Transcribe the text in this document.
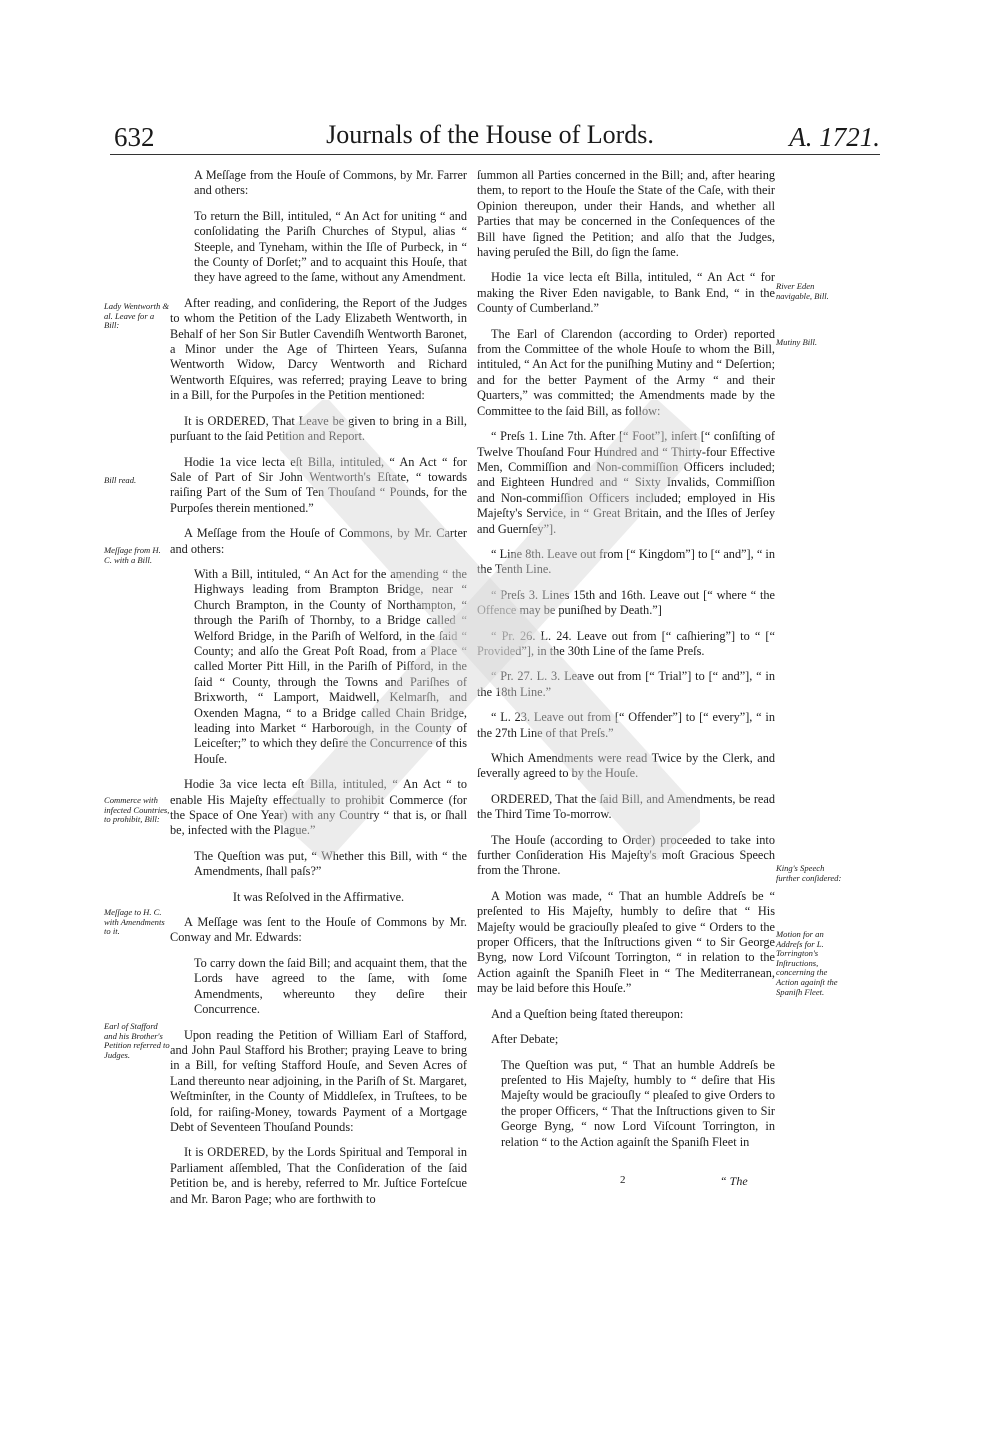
632	Journals of the House of Lords.	A. 1721.
Lady Wentworth & al. Leave for a Bill:
Bill read.
Meſſage from H. C. with a Bill.
Commerce with infected Countries, to prohibit, Bill:
Meſſage to H. C. with Amendments to it.
Earl of Stafford and his Brother's Petition referred to Judges.

A Meſſage from the Houſe of Commons, by Mr. Farrer and others:

To return the Bill, intituled, “ An Act for uniting “ and conſolidating the Pariſh Churches of Stypul, alias “ Steeple, and Tyneham, within the Iſle of Purbeck, in “ the County of Dorſet;” and to acquaint this Houſe, that they have agreed to the ſame, without any Amendment.

After reading, and conſidering, the Report of the Judges to whom the Petition of the Lady Elizabeth Wentworth, in Behalf of her Son Sir Butler Cavendiſh Wentworth Baronet, a Minor under the Age of Thirteen Years, Suſanna Wentworth Widow, Darcy Wentworth and Richard Wentworth Eſquires, was referred; praying Leave to bring in a Bill, for the Purpoſes in the Petition mentioned:

It is ORDERED, That Leave be given to bring in a Bill, purſuant to the ſaid Petition and Report.

Hodie 1a vice lecta eſt Billa, intituled, “ An Act “ for Sale of Part of Sir John Wentworth's Eſtate, “ towards raiſing Part of the Sum of Ten Thouſand “ Pounds, for the Purpoſes therein mentioned.”

A Meſſage from the Houſe of Commons, by Mr. Carter and others:

With a Bill, intituled, “ An Act for the amending “ the Highways leading from Brampton Bridge, near “ Church Brampton, in the County of Northampton, “ through the Pariſh of Thornby, to a Bridge called “ Welford Bridge, in the Pariſh of Welford, in the ſaid “ County; and alſo the Great Poſt Road, from a Place “ called Morter Pitt Hill, in the Pariſh of Piſford, in the ſaid “ County, through the Towns and Pariſhes of Brixworth, “ Lamport, Maidwell, Kelmarſh, and Oxenden Magna, “ to a Bridge called Chain Bridge, leading into Market “ Harborough, in the County of Leiceſter;” to which they deſire the Concurrence of this Houſe.

Hodie 3a vice lecta eſt Billa, intituled, “ An Act “ to enable His Majeſty effectually to prohibit Commerce (for the Space of One Year) with any Country “ that is, or ſhall be, infected with the Plague.”

The Queſtion was put, “ Whether this Bill, with “ the Amendments, ſhall paſs?”

It was Reſolved in the Affirmative.

A Meſſage was ſent to the Houſe of Commons by Mr. Conway and Mr. Edwards:

To carry down the ſaid Bill; and acquaint them, that the Lords have agreed to the ſame, with ſome Amendments, whereunto they deſire their Concurrence.

Upon reading the Petition of William Earl of Stafford, and John Paul Stafford his Brother; praying Leave to bring in a Bill, for veſting Stafford Houſe, and Seven Acres of Land thereunto near adjoining, in the Pariſh of St. Margaret, Weſtminſter, in the County of Middleſex, in Truſtees, to be ſold, for raiſing-Money, towards Payment of a Mortgage Debt of Seventeen Thouſand Pounds:

It is ORDERED, by the Lords Spiritual and Temporal in Parliament aſſembled, That the Conſideration of the ſaid Petition be, and is hereby, referred to Mr. Juſtice Forteſcue and Mr. Baron Page; who are forthwith to

ſummon all Parties concerned in the Bill; and, after hearing them, to report to the Houſe the State of the Caſe, with their Opinion thereupon, under their Hands, and whether all Parties that may be concerned in the Conſequences of the Bill have ſigned the Petition; and alſo that the Judges, having peruſed the Bill, do ſign the ſame.

Hodie 1a vice lecta eſt Billa, intituled, “ An Act “ for making the River Eden navigable, to Bank End, “ in the County of Cumberland.”

The Earl of Clarendon (according to Order) reported from the Committee of the whole Houſe to whom the Bill, intituled, “ An Act for the puniſhing Mutiny and “ Deſertion; and for the better Payment of the Army “ and their Quarters,” was committed; the Amendments made by the Committee to the ſaid Bill, as follow:

“ Preſs 1. Line 7th. After [“ Foot”], inſert [“ conſiſting of Twelve Thouſand Four Hundred and “ Thirty-four Effective Men, Commiſſion and Non-commiſſion Officers included; and Eighteen Hundred and “ Sixty Invalids, Commiſſion and Non-commiſſion Officers included; employed in His Majeſty's Service, in “ Great Britain, and the Iſles of Jerſey and Guernſey”].

“ Line 8th. Leave out from [“ Kingdom”] to [“ and”], “ in the Tenth Line.

“ Preſs 3. Lines 15th and 16th. Leave out [“ where “ the Offence may be puniſhed by Death.”]

“ Pr. 26. L. 24. Leave out from [“ caſhiering”] to “ [“ Provided”], in the 30th Line of the ſame Preſs.

“ Pr. 27. L. 3. Leave out from [“ Trial”] to [“ and”], “ in the 18th Line.”

“ L. 23. Leave out from [“ Offender”] to [“ every”], “ in the 27th Line of that Preſs.”

Which Amendments were read Twice by the Clerk, and ſeverally agreed to by the Houſe.

ORDERED, That the ſaid Bill, and Amendments, be read the Third Time To-morrow.

The Houſe (according to Order) proceeded to take into further Conſideration His Majeſty's moſt Gracious Speech from the Throne.

A Motion was made, “ That an humble Addreſs be “ preſented to His Majeſty, humbly to deſire that “ His Majeſty would be graciouſly pleaſed to give “ Orders to the proper Officers, that the Inſtructions given “ to Sir George Byng, now Lord Viſcount Torrington, “ in relation to the Action againſt the Spaniſh Fleet in “ The Mediterranean, may be laid before this Houſe.”

And a Queſtion being ſtated thereupon:

After Debate;

The Queſtion was put, “ That an humble Addreſs be preſented to His Majeſty, humbly to “ deſire that His Majeſty would be graciouſly “ pleaſed to give Orders to the proper Officers, “ That the Inſtructions given to Sir George Byng, “ now Lord Viſcount Torrington, in relation “ to the Action againſt the Spaniſh Fleet in

River Eden navigable, Bill.
Mutiny Bill.
King's Speech further conſidered:
Motion for an Addreſs for L. Torrington's Inſtructions, concerning the Action againſt the Spaniſh Fleet.
2	“ The
